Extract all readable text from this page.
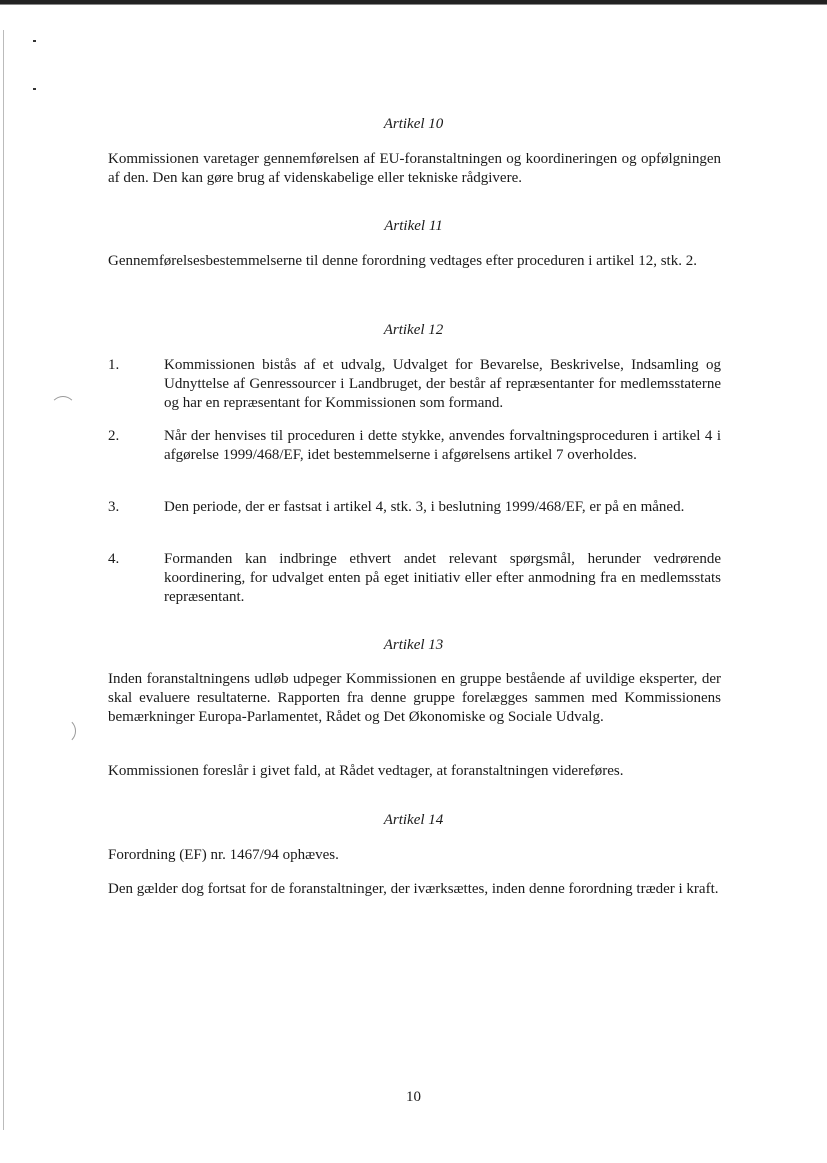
Artikel 10
Kommissionen varetager gennemførelsen af EU-foranstaltningen og koordineringen og opfølgningen af den. Den kan gøre brug af videnskabelige eller tekniske rådgivere.
Artikel 11
Gennemførelsesbestemmelserne til denne forordning vedtages efter proceduren i artikel 12, stk. 2.
Artikel 12
1.	Kommissionen bistås af et udvalg, Udvalget for Bevarelse, Beskrivelse, Indsamling og Udnyttelse af Genressourcer i Landbruget, der består af repræsentanter for medlemsstaterne og har en repræsentant for Kommissionen som formand.
2.	Når der henvises til proceduren i dette stykke, anvendes forvaltningsproceduren i artikel 4 i afgørelse 1999/468/EF, idet bestemmelserne i afgørelsens artikel 7 overholdes.
3.	Den periode, der er fastsat i artikel 4, stk. 3, i beslutning 1999/468/EF, er på en måned.
4.	Formanden kan indbringe ethvert andet relevant spørgsmål, herunder vedrørende koordinering, for udvalget enten på eget initiativ eller efter anmodning fra en medlemsstats repræsentant.
Artikel 13
Inden foranstaltningens udløb udpeger Kommissionen en gruppe bestående af uvildige eksperter, der skal evaluere resultaterne. Rapporten fra denne gruppe forelægges sammen med Kommissionens bemærkninger Europa-Parlamentet, Rådet og Det Økonomiske og Sociale Udvalg.
Kommissionen foreslår i givet fald, at Rådet vedtager, at foranstaltningen videreføres.
Artikel 14
Forordning (EF) nr. 1467/94 ophæves.
Den gælder dog fortsat for de foranstaltninger, der iværksættes, inden denne forordning træder i kraft.
10
